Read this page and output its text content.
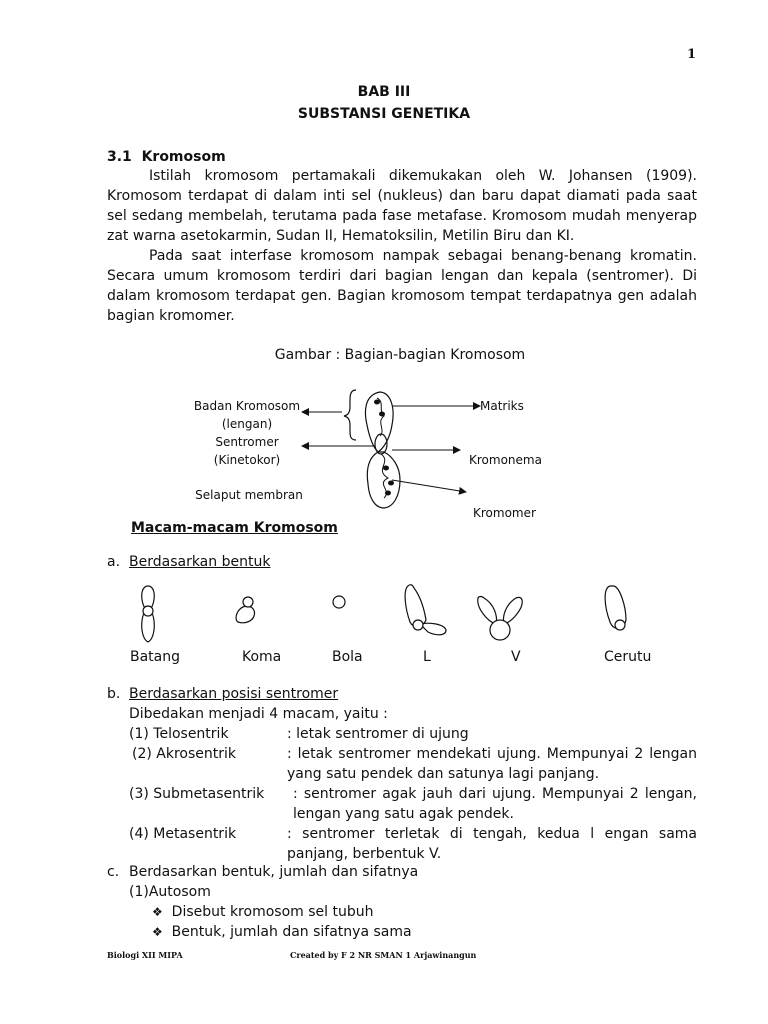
1
BAB III
SUBSTANSI GENETIKA
3.1 Kromosom

Istilah kromosom pertamakali dikemukakan oleh W. Johansen (1909). Kromosom terdapat di dalam inti sel (nukleus) dan baru dapat diamati pada saat sel sedang membelah, terutama pada fase metafase. Kromosom mudah menyerap zat warna asetokarmin, Sudan II, Hematoksilin, Metilin Biru dan KI.

Pada saat interfase kromosom nampak sebagai benang-benang kromatin. Secara umum kromosom terdiri dari bagian lengan dan kepala (sentromer). Di dalam kromosom terdapat gen. Bagian kromosom tempat terdapatnya gen adalah bagian kromomer.

Gambar : Bagian-bagian Kromosom
Badan Kromosom
(lengan)
Sentromer
(Kinetokor)
Selaput membran
Matriks
Kromonema
Kromomer
Macam-macam Kromosom
a. Berdasarkan bentuk
Batang	Koma	Bola	L	V	Cerutu
b. Berdasarkan posisi sentromer
Dibedakan menjadi 4 macam, yaitu :
(1) Telosentrik	: letak sentromer di ujung
(2) Akrosentrik	: letak sentromer mendekati ujung. Mempunyai 2 lengan yang satu pendek dan satunya lagi panjang.
(3) Submetasentrik : sentromer agak jauh dari ujung. Mempunyai 2 lengan, lengan yang satu agak pendek.
(4) Metasentrik	: sentromer terletak di tengah, kedua l engan sama panjang, berbentuk V.
c. Berdasarkan bentuk, jumlah dan sifatnya
(1)Autosom
❖ Disebut kromosom sel tubuh
❖ Bentuk, jumlah dan sifatnya sama
Biologi XII MIPA	Created by F 2 NR SMAN 1 Arjawinangun
